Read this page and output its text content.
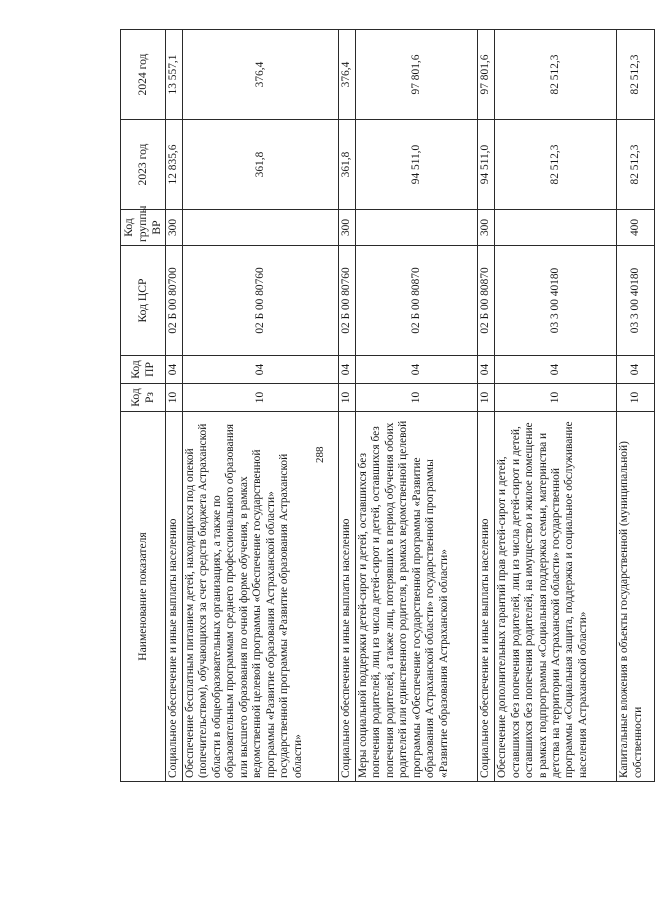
288
Наименование показателя	Код Рз	Код ПР	Код ЦСР	Код группы ВР	2023 год	2024 год
Социальное обеспечение и иные выплаты населению	10	04	02 Б 00 80700	300	12 835,6	13 557,1
Обеспечение бесплатным питанием детей, находящихся под опекой (попечительством), обучающихся за счет средств бюджета Астраханской области в общеобразовательных организациях, а также по образовательным программам среднего профессионального образования или высшего образования по очной форме обучения, в рамках ведомственной целевой программы «Обеспечение государственной программы «Развитие образования Астраханской области» государственной программы «Развитие образования Астраханской области»	10	04	02 Б 00 80760		361,8	376,4
Социальное обеспечение и иные выплаты населению	10	04	02 Б 00 80760	300	361,8	376,4
Меры социальной поддержки детей-сирот и детей, оставшихся без попечения родителей, лиц из числа детей-сирот и детей, оставшихся без попечения родителей, а также лиц, потерявших в период обучения обоих родителей или единственного родителя, в рамках ведомственной целевой программы «Обеспечение государственной программы «Развитие образования Астраханской области» государственной программы «Развитие образования Астраханской области»	10	04	02 Б 00 80870		94 511,0	97 801,6
Социальное обеспечение и иные выплаты населению	10	04	02 Б 00 80870	300	94 511,0	97 801,6
Обеспечение дополнительных гарантий прав детей-сирот и детей, оставшихся без попечения родителей, лиц из числа детей-сирот и детей, оставшихся без попечения родителей, на имущество и жилое помещение в рамках подпрограммы «Социальная поддержка семьи, материнства и детства на территории Астраханской области» государственной программы «Социальная защита, поддержка и социальное обслуживание населения Астраханской области»	10	04	03 3 00 40180		82 512,3	82 512,3
Капитальные вложения в объекты государственной (муниципальной) собственности	10	04	03 3 00 40180	400	82 512,3	82 512,3
